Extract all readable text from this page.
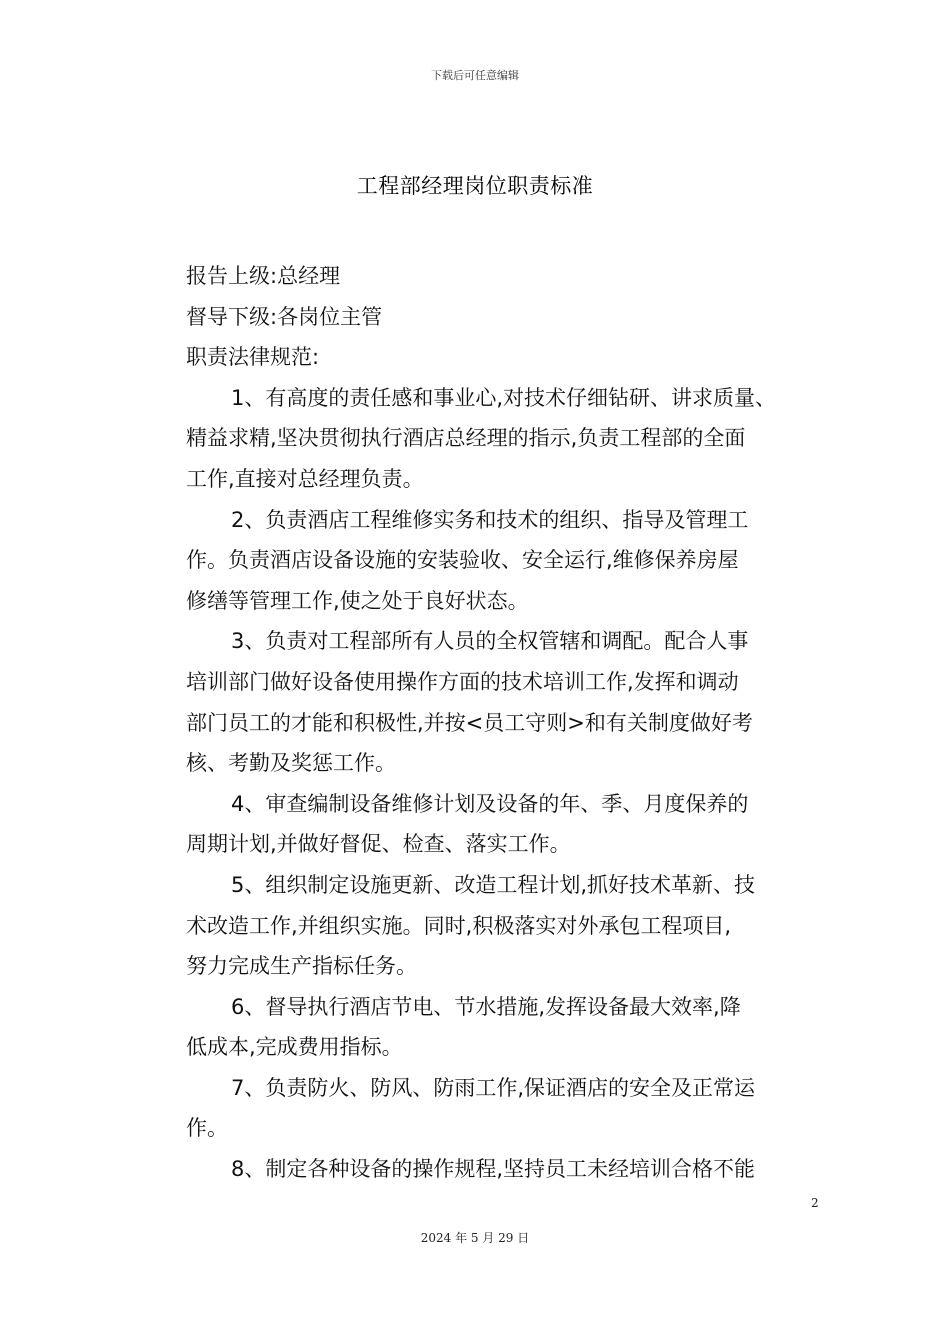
下载后可任意编辑
工程部经理岗位职责标准
报告上级:总经理
督导下级:各岗位主管
职责法律规范:
1、有高度的责任感和事业心,对技术仔细钻研、讲求质量、
精益求精,坚决贯彻执行酒店总经理的指示,负责工程部的全面
工作,直接对总经理负责。
2、负责酒店工程维修实务和技术的组织、指导及管理工
作。负责酒店设备设施的安装验收、安全运行,维修保养房屋
修缮等管理工作,使之处于良好状态。
3、负责对工程部所有人员的全权管辖和调配。配合人事
培训部门做好设备使用操作方面的技术培训工作,发挥和调动
部门员工的才能和积极性,并按<员工守则>和有关制度做好考
核、考勤及奖惩工作。
4、审查编制设备维修计划及设备的年、季、月度保养的
周期计划,并做好督促、检查、落实工作。
5、组织制定设施更新、改造工程计划,抓好技术革新、技
术改造工作,并组织实施。同时,积极落实对外承包工程项目,
努力完成生产指标任务。
6、督导执行酒店节电、节水措施,发挥设备最大效率,降
低成本,完成费用指标。
7、负责防火、防风、防雨工作,保证酒店的安全及正常运
作。
8、制定各种设备的操作规程,坚持员工未经培训合格不能
2
2024 年 5 月 29 日
